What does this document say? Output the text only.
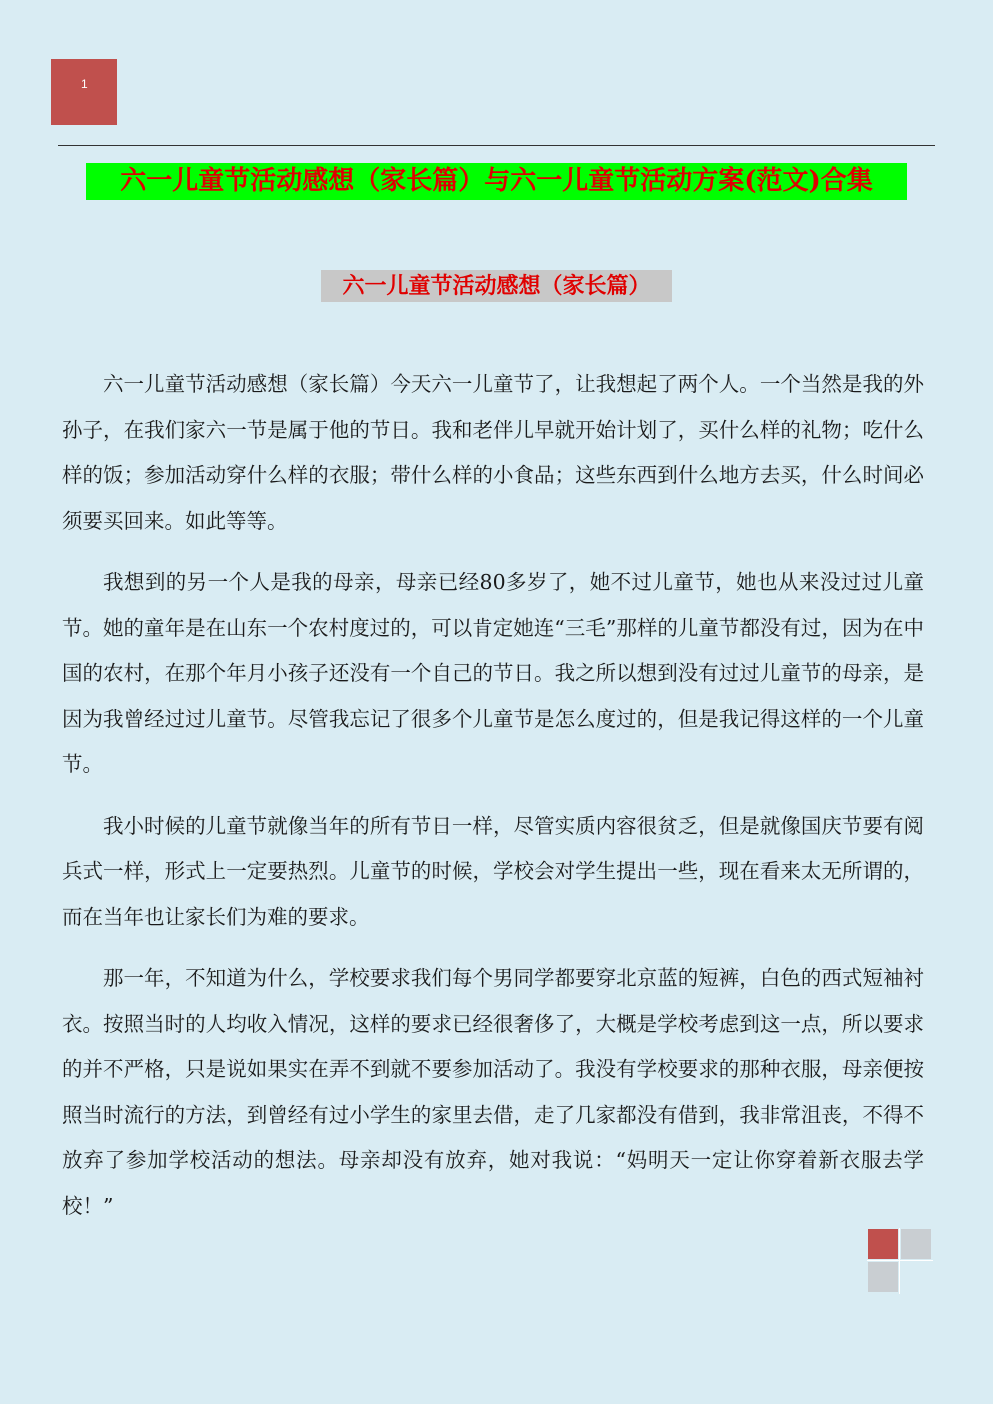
1
六一儿童节活动感想（家长篇）与六一儿童节活动方案(范文)合集
六一儿童节活动感想（家长篇）

六一儿童节活动感想（家长篇）今天六一儿童节了，让我想起了两个人。一个当然是我的外孙子，在我们家六一节是属于他的节日。我和老伴儿早就开始计划了，买什么样的礼物；吃什么样的饭；参加活动穿什么样的衣服；带什么样的小食品；这些东西到什么地方去买，什么时间必须要买回来。如此等等。

我想到的另一个人是我的母亲，母亲已经80多岁了，她不过儿童节，她也从来没过过儿童节。她的童年是在山东一个农村度过的，可以肯定她连“三毛”那样的儿童节都没有过，因为在中国的农村，在那个年月小孩子还没有一个自己的节日。我之所以想到没有过过儿童节的母亲，是因为我曾经过过儿童节。尽管我忘记了很多个儿童节是怎么度过的，但是我记得这样的一个儿童节。

我小时候的儿童节就像当年的所有节日一样，尽管实质内容很贫乏，但是就像国庆节要有阅兵式一样，形式上一定要热烈。儿童节的时候，学校会对学生提出一些，现在看来太无所谓的，而在当年也让家长们为难的要求。

那一年，不知道为什么，学校要求我们每个男同学都要穿北京蓝的短裤，白色的西式短袖衬衣。按照当时的人均收入情况，这样的要求已经很奢侈了，大概是学校考虑到这一点，所以要求的并不严格，只是说如果实在弄不到就不要参加活动了。我没有学校要求的那种衣服，母亲便按照当时流行的方法，到曾经有过小学生的家里去借，走了几家都没有借到，我非常沮丧，不得不放弃了参加学校活动的想法。母亲却没有放弃，她对我说：“妈明天一定让你穿着新衣服去学校！”
